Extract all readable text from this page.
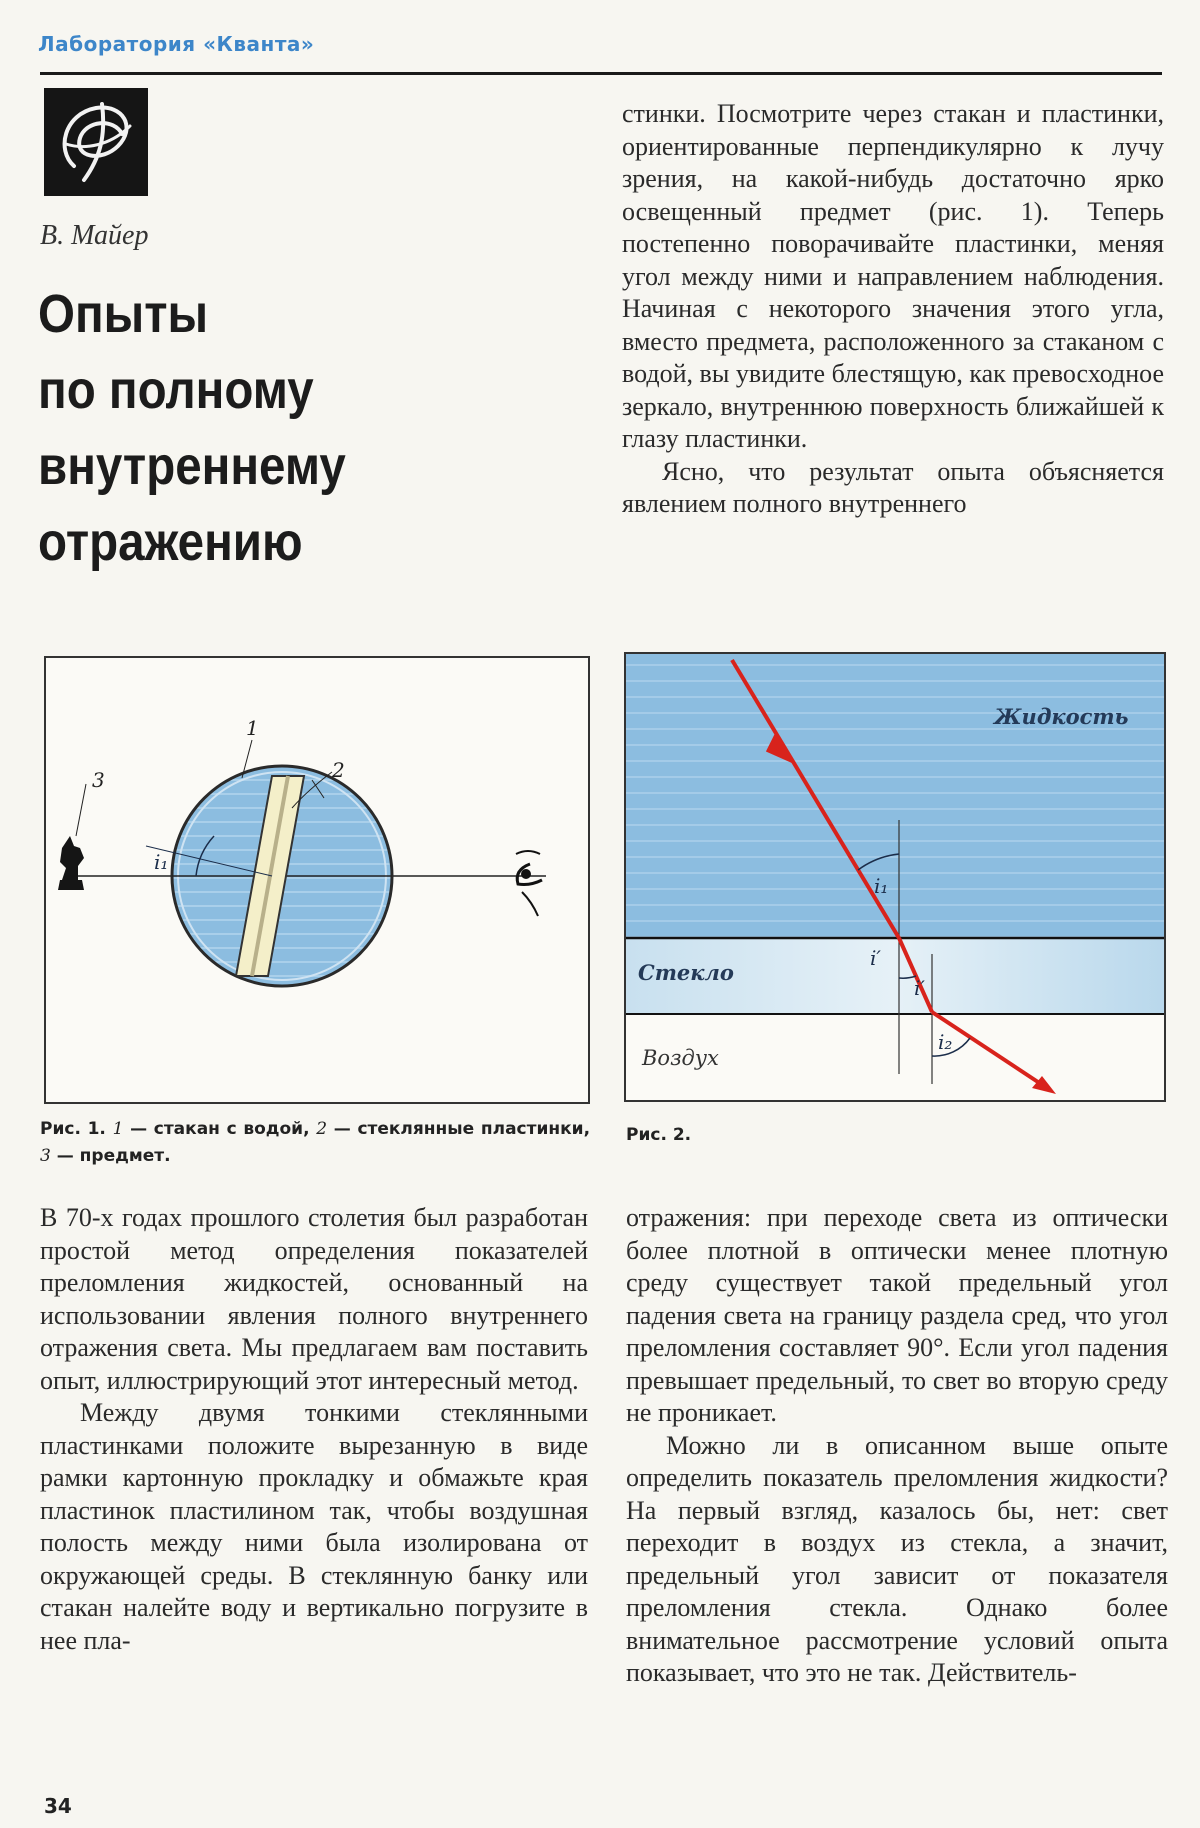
Лаборатория «Кванта»
В. Майер
Опыты
по полному
внутреннему
отражению

стинки. Посмотрите через стакан и пластинки, ориентированные перпендикулярно к лучу зрения, на какой-нибудь достаточно ярко освещенный предмет (рис. 1). Теперь постепенно поворачивайте пластинки, меняя угол между ними и направлением наблюдения. Начиная с некоторого значения этого угла, вместо предмета, расположенного за стаканом с водой, вы увидите блестящую, как превосходное зеркало, внутреннюю поверхность ближайшей к глазу пластинки.

Ясно, что результат опыта объясняется явлением полного внутреннего

1
2
3
i₁
Жидкость
Стекло
Воздух
i₁
i′
i′
i₂
Рис. 1. 1 — стакан с водой, 2 — стеклянные пластинки, 3 — предмет.
Рис. 2.

В 70-х годах прошлого столетия был разработан простой метод определения показателей преломления жидкостей, основанный на использовании явления полного внутреннего отражения света. Мы предлагаем вам поставить опыт, иллюстрирующий этот интересный метод.

Между двумя тонкими стеклянными пластинками положите вырезанную в виде рамки картонную прокладку и обмажьте края пластинок пластилином так, чтобы воздушная полость между ними была изолирована от окружающей среды. В стеклянную банку или стакан налейте воду и вертикально погрузите в нее пла-

отражения: при переходе света из оптически более плотной в оптически менее плотную среду существует такой предельный угол падения света на границу раздела сред, что угол преломления составляет 90°. Если угол падения превышает предельный, то свет во вторую среду не проникает.

Можно ли в описанном выше опыте определить показатель преломления жидкости? На первый взгляд, казалось бы, нет: свет переходит в воздух из стекла, а значит, предельный угол зависит от показателя преломления стекла. Однако более внимательное рассмотрение условий опыта показывает, что это не так. Действитель-

34
